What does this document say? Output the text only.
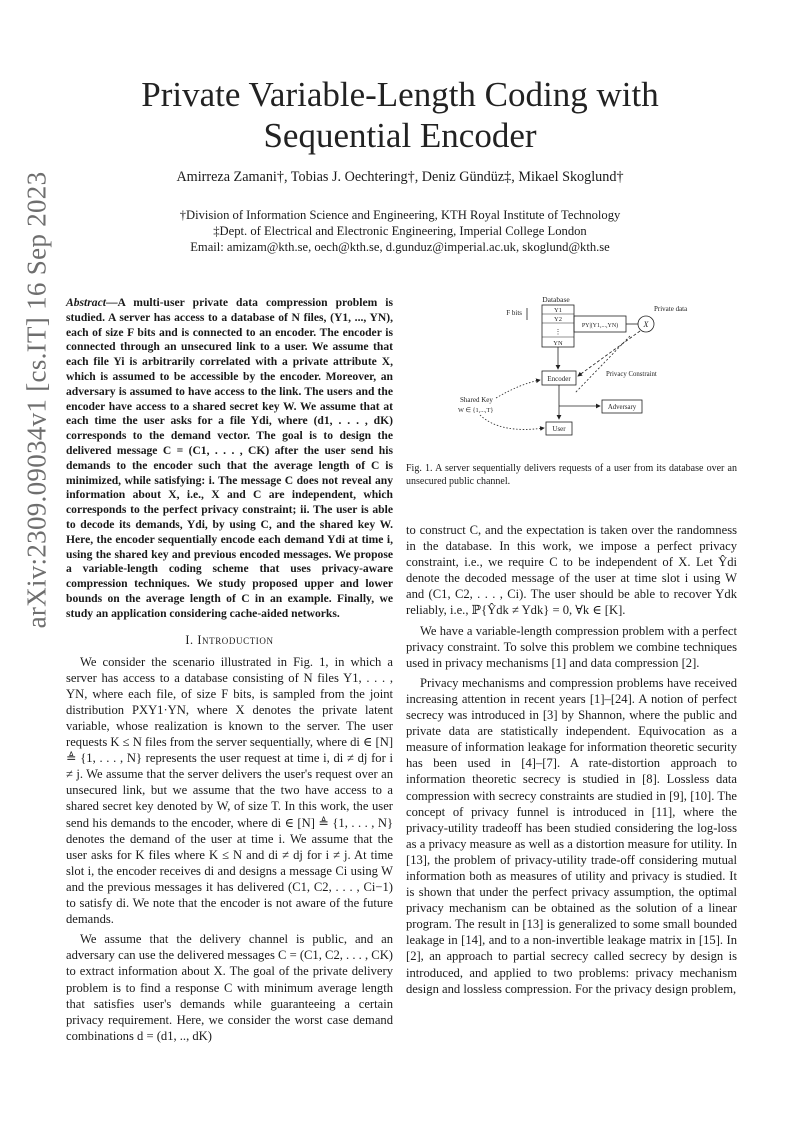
arXiv:2309.09034v1 [cs.IT] 16 Sep 2023
Private Variable-Length Coding with Sequential Encoder
Amirreza Zamani†, Tobias J. Oechtering†, Deniz Gündüz‡, Mikael Skoglund†
†Division of Information Science and Engineering, KTH Royal Institute of Technology
‡Dept. of Electrical and Electronic Engineering, Imperial College London
Email: amizam@kth.se, oech@kth.se, d.gunduz@imperial.ac.uk, skoglund@kth.se
Abstract—A multi-user private data compression problem is studied. A server has access to a database of N files, (Y1, ..., YN), each of size F bits and is connected to an encoder. The encoder is connected through an unsecured link to a user. We assume that each file Yi is arbitrarily correlated with a private attribute X, which is assumed to be accessible by the encoder. Moreover, an adversary is assumed to have access to the link. The users and the encoder have access to a shared secret key W. We assume that at each time the user asks for a file Ydi, where (d1, . . . , dK) corresponds to the demand vector. The goal is to design the delivered message C = (C1, . . . , CK) after the user send his demands to the encoder such that the average length of C is minimized, while satisfying: i. The message C does not reveal any information about X, i.e., X and C are independent, which corresponds to the perfect privacy constraint; ii. The user is able to decode its demands, Ydi, by using C, and the shared key W. Here, the encoder sequentially encode each demand Ydi at time i, using the shared key and previous encoded messages. We propose a variable-length coding scheme that uses privacy-aware compression techniques. We study proposed upper and lower bounds on the average length of C in an example. Finally, we study an application considering cache-aided networks.
I. Introduction

We consider the scenario illustrated in Fig. 1, in which a server has access to a database consisting of N files Y1, . . . , YN, where each file, of size F bits, is sampled from the joint distribution PXY1·YN, where X denotes the private latent variable, whose realization is known to the server. The user requests K ≤ N files from the server sequentially, where di ∈ [N] ≜ {1, . . . , N} represents the user request at time i, di ≠ dj for i ≠ j. We assume that the server delivers the user's request over an unsecured link, but we assume that the two have access to a shared secret key denoted by W, of size T. In this work, the user send his demands to the encoder, where di ∈ [N] ≜ {1, . . . , N} denotes the demand of the user at time i. We assume that the user asks for K files where K ≤ N and di ≠ dj for i ≠ j. At time slot i, the encoder receives di and designs a message Ci using W and the previous messages it has delivered (C1, C2, . . . , Ci−1) to satisfy di. We note that the encoder is not aware of the future demands.

We assume that the delivery channel is public, and an adversary can use the delivered messages C = (C1, C2, . . . , CK) to extract information about X. The goal of the private delivery problem is to find a response C with minimum average length that satisfies user's demands while guaranteeing a certain privacy requirement. Here, we consider the worst case demand combinations d = (d1, .., dK)

Database
F bits	Y1
Y2
⋮
YN
PY|(Y1,...,YN)	X
Private data
Encoder
Privacy Constraint
Adversary
User
Shared Key
W ∈ {1,...,T}
Fig. 1. A server sequentially delivers requests of a user from its database over an unsecured public channel.

to construct C, and the expectation is taken over the randomness in the database. In this work, we impose a perfect privacy constraint, i.e., we require C to be independent of X. Let Ŷdi denote the decoded message of the user at time slot i using W and (C1, C2, . . . , Ci). The user should be able to recover Ydk reliably, i.e., ℙ{Ŷdk ≠ Ydk} = 0, ∀k ∈ [K].

We have a variable-length compression problem with a perfect privacy constraint. To solve this problem we combine techniques used in privacy mechanisms [1] and data compression [2].

Privacy mechanisms and compression problems have received increasing attention in recent years [1]–[24]. A notion of perfect secrecy was introduced in [3] by Shannon, where the public and private data are statistically independent. Equivocation as a measure of information leakage for information theoretic security has been used in [4]–[7]. A rate-distortion approach to information theoretic secrecy is studied in [8]. Lossless data compression with secrecy constraints are studied in [9], [10]. The concept of privacy funnel is introduced in [11], where the privacy-utility tradeoff has been studied considering the log-loss as a privacy measure as well as a distortion measure for utility. In [13], the problem of privacy-utility trade-off considering mutual information both as measures of utility and privacy is studied. It is shown that under the perfect privacy assumption, the optimal privacy mechanism can be obtained as the solution of a linear program. The result in [13] is generalized to some small bounded leakage in [14], and to a non-invertible leakage matrix in [15]. In [2], an approach to partial secrecy called secrecy by design is introduced, and applied to two problems: privacy mechanism design and lossless compression. For the privacy design problem,
